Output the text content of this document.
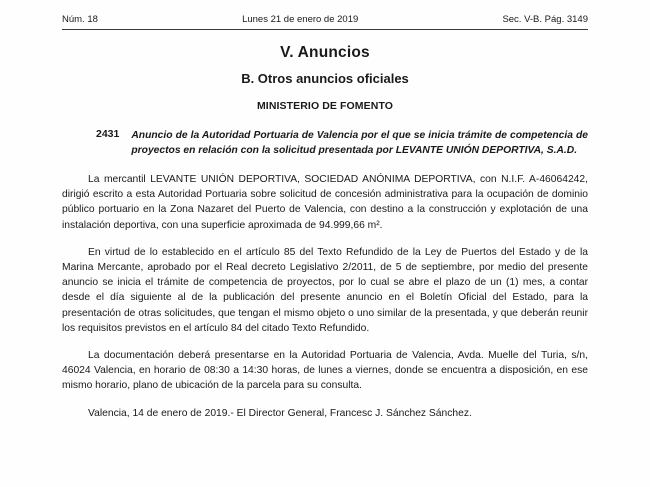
Núm. 18	Lunes 21 de enero de 2019	Sec. V-B. Pág. 3149
V. Anuncios
B. Otros anuncios oficiales
MINISTERIO DE FOMENTO
2431	Anuncio de la Autoridad Portuaria de Valencia por el que se inicia trámite de competencia de proyectos en relación con la solicitud presentada por LEVANTE UNIÓN DEPORTIVA, S.A.D.

La mercantil LEVANTE UNIÓN DEPORTIVA, SOCIEDAD ANÓNIMA DEPORTIVA, con N.I.F. A-46064242, dirigió escrito a esta Autoridad Portuaria sobre solicitud de concesión administrativa para la ocupación de dominio público portuario en la Zona Nazaret del Puerto de Valencia, con destino a la construcción y explotación de una instalación deportiva, con una superficie aproximada de 94.999,66 m².

En virtud de lo establecido en el artículo 85 del Texto Refundido de la Ley de Puertos del Estado y de la Marina Mercante, aprobado por el Real decreto Legislativo 2/2011, de 5 de septiembre, por medio del presente anuncio se inicia el trámite de competencia de proyectos, por lo cual se abre el plazo de un (1) mes, a contar desde el día siguiente al de la publicación del presente anuncio en el Boletín Oficial del Estado, para la presentación de otras solicitudes, que tengan el mismo objeto o uno similar de la presentada, y que deberán reunir los requisitos previstos en el artículo 84 del citado Texto Refundido.

La documentación deberá presentarse en la Autoridad Portuaria de Valencia, Avda. Muelle del Turia, s/n, 46024 Valencia, en horario de 08:30 a 14:30 horas, de lunes a viernes, donde se encuentra a disposición, en ese mismo horario, plano de ubicación de la parcela para su consulta.

Valencia, 14 de enero de 2019.- El Director General, Francesc J. Sánchez Sánchez.
